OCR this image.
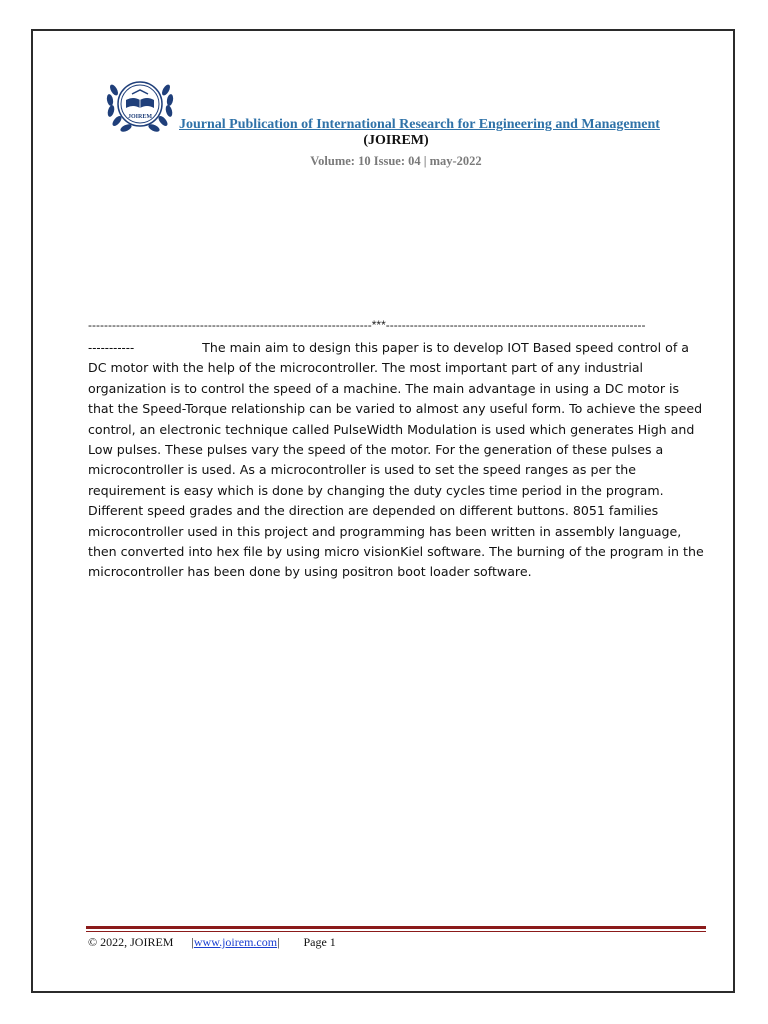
JOIREM Journal Publication of International Research for Engineering and Management
(JOIREM)
Volume: 10 Issue: 04 | may-2022
-----------------------------------------------------------------------***-----------------------------------------------------------------
-----------	The main aim to design this paper is to develop IOT Based speed control of a DC motor with the help of the microcontroller. The most important part of any industrial organization is to control the speed of a machine. The main advantage in using a DC motor is that the Speed-Torque relationship can be varied to almost any useful form. To achieve the speed control, an electronic technique called PulseWidth Modulation is used which generates High and Low pulses. These pulses vary the speed of the motor. For the generation of these pulses a microcontroller is used. As a microcontroller is used to set the speed ranges as per the requirement is easy which is done by changing the duty cycles time period in the program. Different speed grades and the direction are depended on different buttons. 8051 families microcontroller used in this project and programming has been written in assembly language, then converted into hex file by using micro visionKiel software. The burning of the program in the microcontroller has been done by using positron boot loader software.
© 2022, JOIREM |www.joirem.com| Page 1
